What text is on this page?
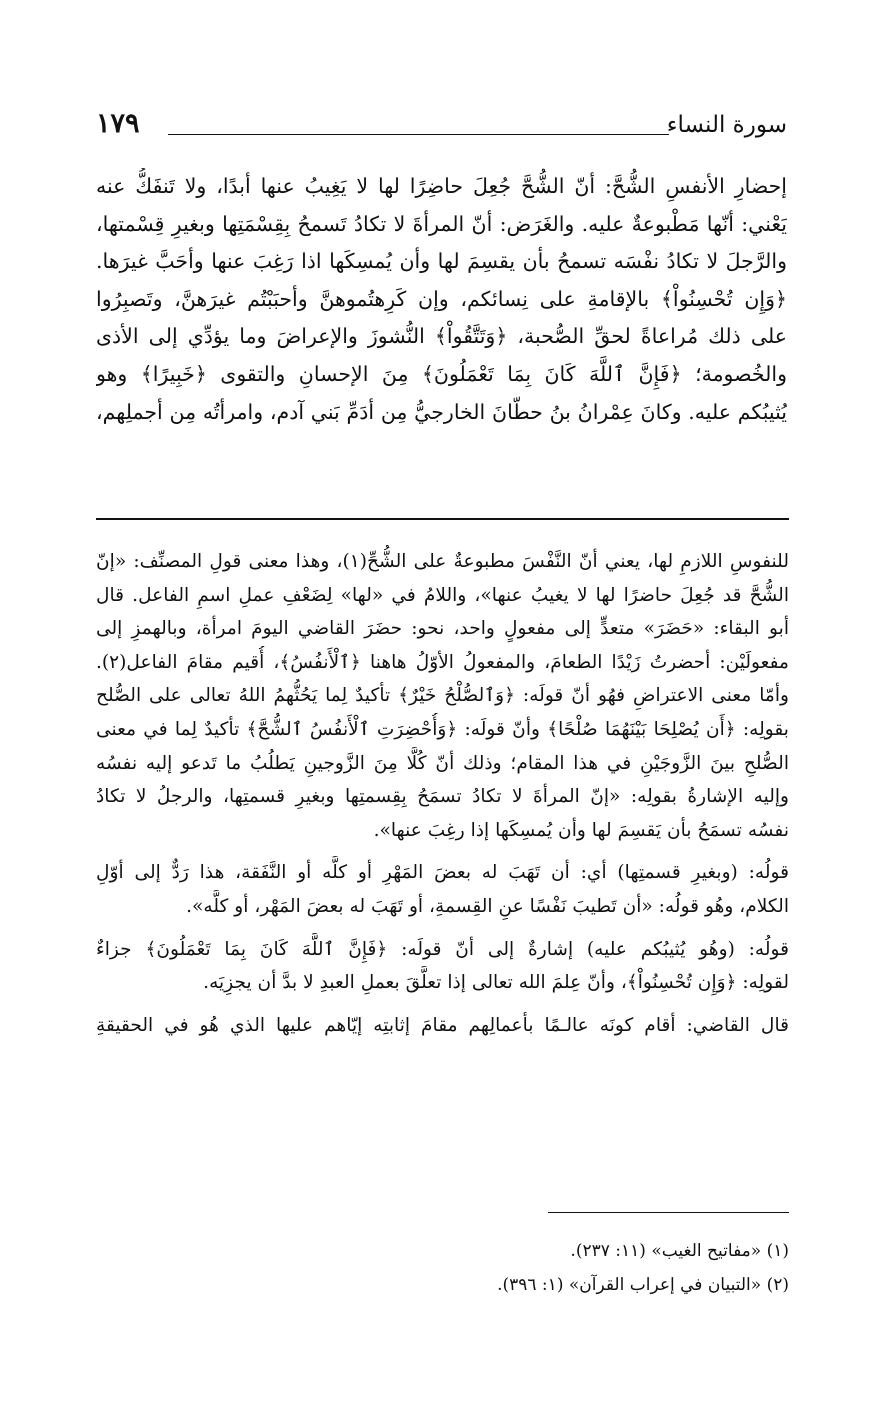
سورة النساء
١٧٩
إحضارِ الأنفسِ الشُّحَّ: أنّ الشُّحَّ جُعِلَ حاضِرًا لها لا يَغِيبُ عنها أبدًا، ولا تَنفَكُّ عنه
يَعْني: أنّها مَطْبوعةٌ عليه. والغَرَض: أنّ المرأةَ لا تكادُ تَسمحُ بِقِسْمَتِها وبغيرِ قِسْمتها،
والرَّجلَ لا تكادُ نفْسَه تسمحُ بأن يقسِمَ لها وأن يُمسِكَها اذا رَغِبَ عنها وأحَبَّ غيرَها.
﴿وَإِن تُحْسِنُواْ﴾ بالإقامةِ على نِسائكم، وإن كَرِهتُموهنَّ وأحبَبْتُم غيرَهنَّ، وتَصبِرُوا
على ذلك مُراعاةً لحقِّ الصُّحبة، ﴿وَتَتَّقُواْ﴾ النُّشوزَ والإعراضَ وما يؤدِّي إلى الأذى
والخُصومة؛ ﴿فَإِنَّ ٱللَّهَ كَانَ بِمَا تَعْمَلُونَ﴾ مِنَ الإحسانِ والتقوى ﴿خَبِيرًا﴾ وهو
يُثيبُكم عليه. وكانَ عِمْرانُ بنُ حطّانَ الخارجيُّ مِن أدَمِّ بَني آدم، وامرأتُه مِن أجملِهم،
للنفوسِ اللازمِ لها، يعني أنّ النَّفْسَ مطبوعةٌ على الشُّحِّ(١)، وهذا معنى قولِ المصنِّف: «إنّ
الشُّحَّ قد جُعِلَ حاضرًا لها لا يغيبُ عنها»، واللامُ في «لها» لِضَعْفِ عملِ اسمِ الفاعل. قال
أبو البقاء: «حَضَرَ» متعدٍّ إلى مفعولٍ واحد، نحو: حضَرَ القاضي اليومَ امرأة، وبالهمزِ إلى
مفعولَيْن: أحضرتُ زَيْدًا الطعامَ، والمفعولُ الأوّلُ هاهنا ﴿ٱلْأَنفُسُ﴾، أُقيم مقامَ الفاعل(٢).
وأمّا معنى الاعتراضِ فهُو أنّ قولَه: ﴿وَٱلصُّلْحُ خَيْرٌ﴾ تأكيدٌ لِما يَحُثُّهمُ اللهُ تعالى على الصُّلح
بقولِه: ﴿أَن يُصْلِحَا بَيْنَهُمَا صُلْحًا﴾ وأنّ قولَه: ﴿وَأُحْضِرَتِ ٱلْأَنفُسُ ٱلشُّحَّ﴾ تأكيدٌ لِما في معنى
الصُّلحِ بينَ الزَّوجَيْنِ في هذا المقام؛ وذلك أنّ كُلًّا مِنَ الزَّوجينِ يَطلُبُ ما تَدعو إليه نفسُه
وإليه الإشارةُ بقولِه: «إنّ المرأةَ لا تكادُ تسمَحُ بِقِسمتِها وبغيرِ قسمتِها، والرجلُ لا تكادُ
نفسُه تسمَحُ بأن يَقسِمَ لها وأن يُمسِكَها إذا رغِبَ عنها».
قولُه: (وبغيرِ قسمتِها) أي: أن تَهَبَ له بعضَ المَهْرِ أو كلَّه أو النَّفَقة، هذا رَدٌّ إلى أوّلِ
الكلام، وهُو قولُه: «أن تَطيبَ نَفْسًا عنِ القِسمةِ، أو تَهَبَ له بعضَ المَهْر، أو كلَّه».
قولُه: (وهُو يُثيبُكم عليه) إشارةٌ إلى أنّ قولَه: ﴿فَإِنَّ ٱللَّهَ كَانَ بِمَا تَعْمَلُونَ﴾ جزاءٌ
لقولِه: ﴿وَإِن تُحْسِنُواْ﴾، وأنّ عِلمَ الله تعالى إذا تعلَّقَ بعملِ العبدِ لا بدَّ أن يجزِيَه.
قال القاضي: أقام كونَه عالـمًا بأعمالِهم مقامَ إثابتِه إيّاهم عليها الذي هُو في الحقيقةِ
(١) «مفاتيح الغيب» (١١: ٢٣٧).
(٢) «التبيان في إعراب القرآن» (١: ٣٩٦).
